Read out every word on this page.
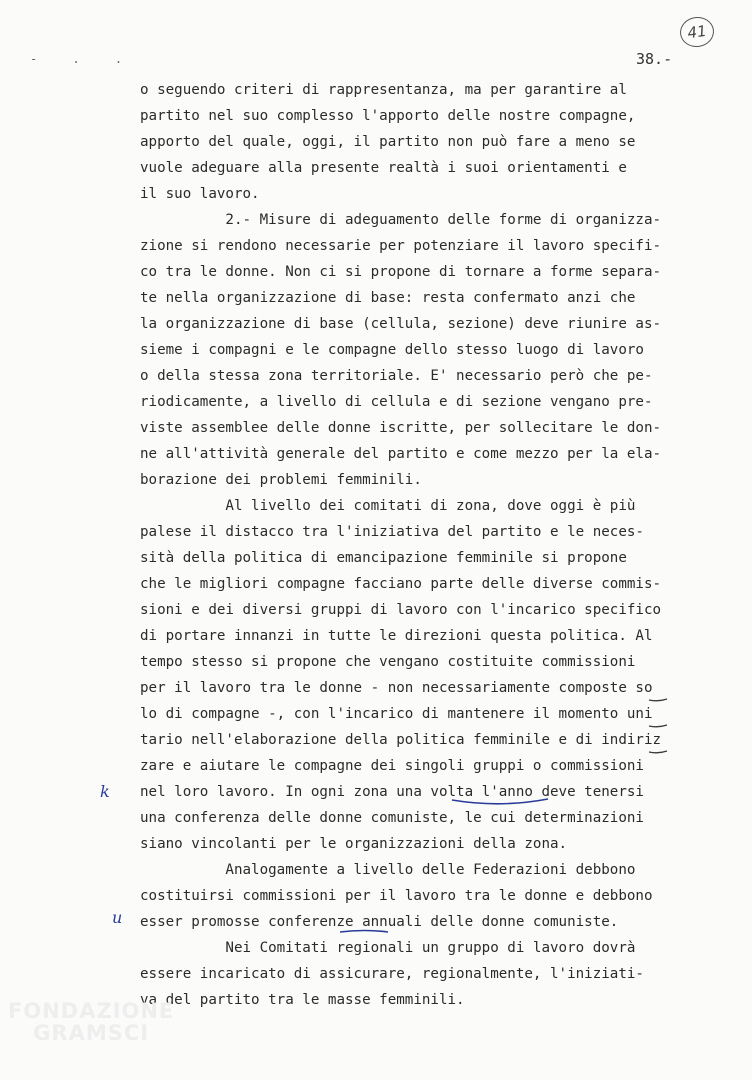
- . .	38.-
41
o seguendo criteri di rappresentanza, ma per garantire al
partito nel suo complesso l'apporto delle nostre compagne,
apporto del quale, oggi, il partito non può fare a meno se
vuole adeguare alla presente realtà i suoi orientamenti e
il suo lavoro.
2.- Misure di adeguamento delle forme di organizza-
zione si rendono necessarie per potenziare il lavoro specifi-
co tra le donne. Non ci si propone di tornare a forme separa-
te nella organizzazione di base: resta confermato anzi che
la organizzazione di base (cellula, sezione) deve riunire as-
sieme i compagni e le compagne dello stesso luogo di lavoro
o della stessa zona territoriale. E' necessario però che pe-
riodicamente, a livello di cellula e di sezione vengano pre-
viste assemblee delle donne iscritte, per sollecitare le don-
ne all'attività generale del partito e come mezzo per la ela-
borazione dei problemi femminili.
Al livello dei comitati di zona, dove oggi è più
palese il distacco tra l'iniziativa del partito e le neces-
sità della politica di emancipazione femminile si propone
che le migliori compagne facciano parte delle diverse commis-
sioni e dei diversi gruppi di lavoro con l'incarico specifico
di portare innanzi in tutte le direzioni questa politica. Al
tempo stesso si propone che vengano costituite commissioni
per il lavoro tra le donne - non necessariamente composte so
lo di compagne -, con l'incarico di mantenere il momento uni
tario nell'elaborazione della politica femminile e di indiriz
zare e aiutare le compagne dei singoli gruppi o commissioni
nel loro lavoro. In ogni zona una volta l'anno deve tenersi
una conferenza delle donne comuniste, le cui determinazioni
siano vincolanti per le organizzazioni della zona.
Analogamente a livello delle Federazioni debbono
costituirsi commissioni per il lavoro tra le donne e debbono
esser promosse conferenze annuali delle donne comuniste.
Nei Comitati regionali un gruppo di lavoro dovrà
essere incaricato di assicurare, regionalmente, l'iniziati-
va del partito tra le masse femminili.
k
u
FONDAZIONE
GRAMSCI
